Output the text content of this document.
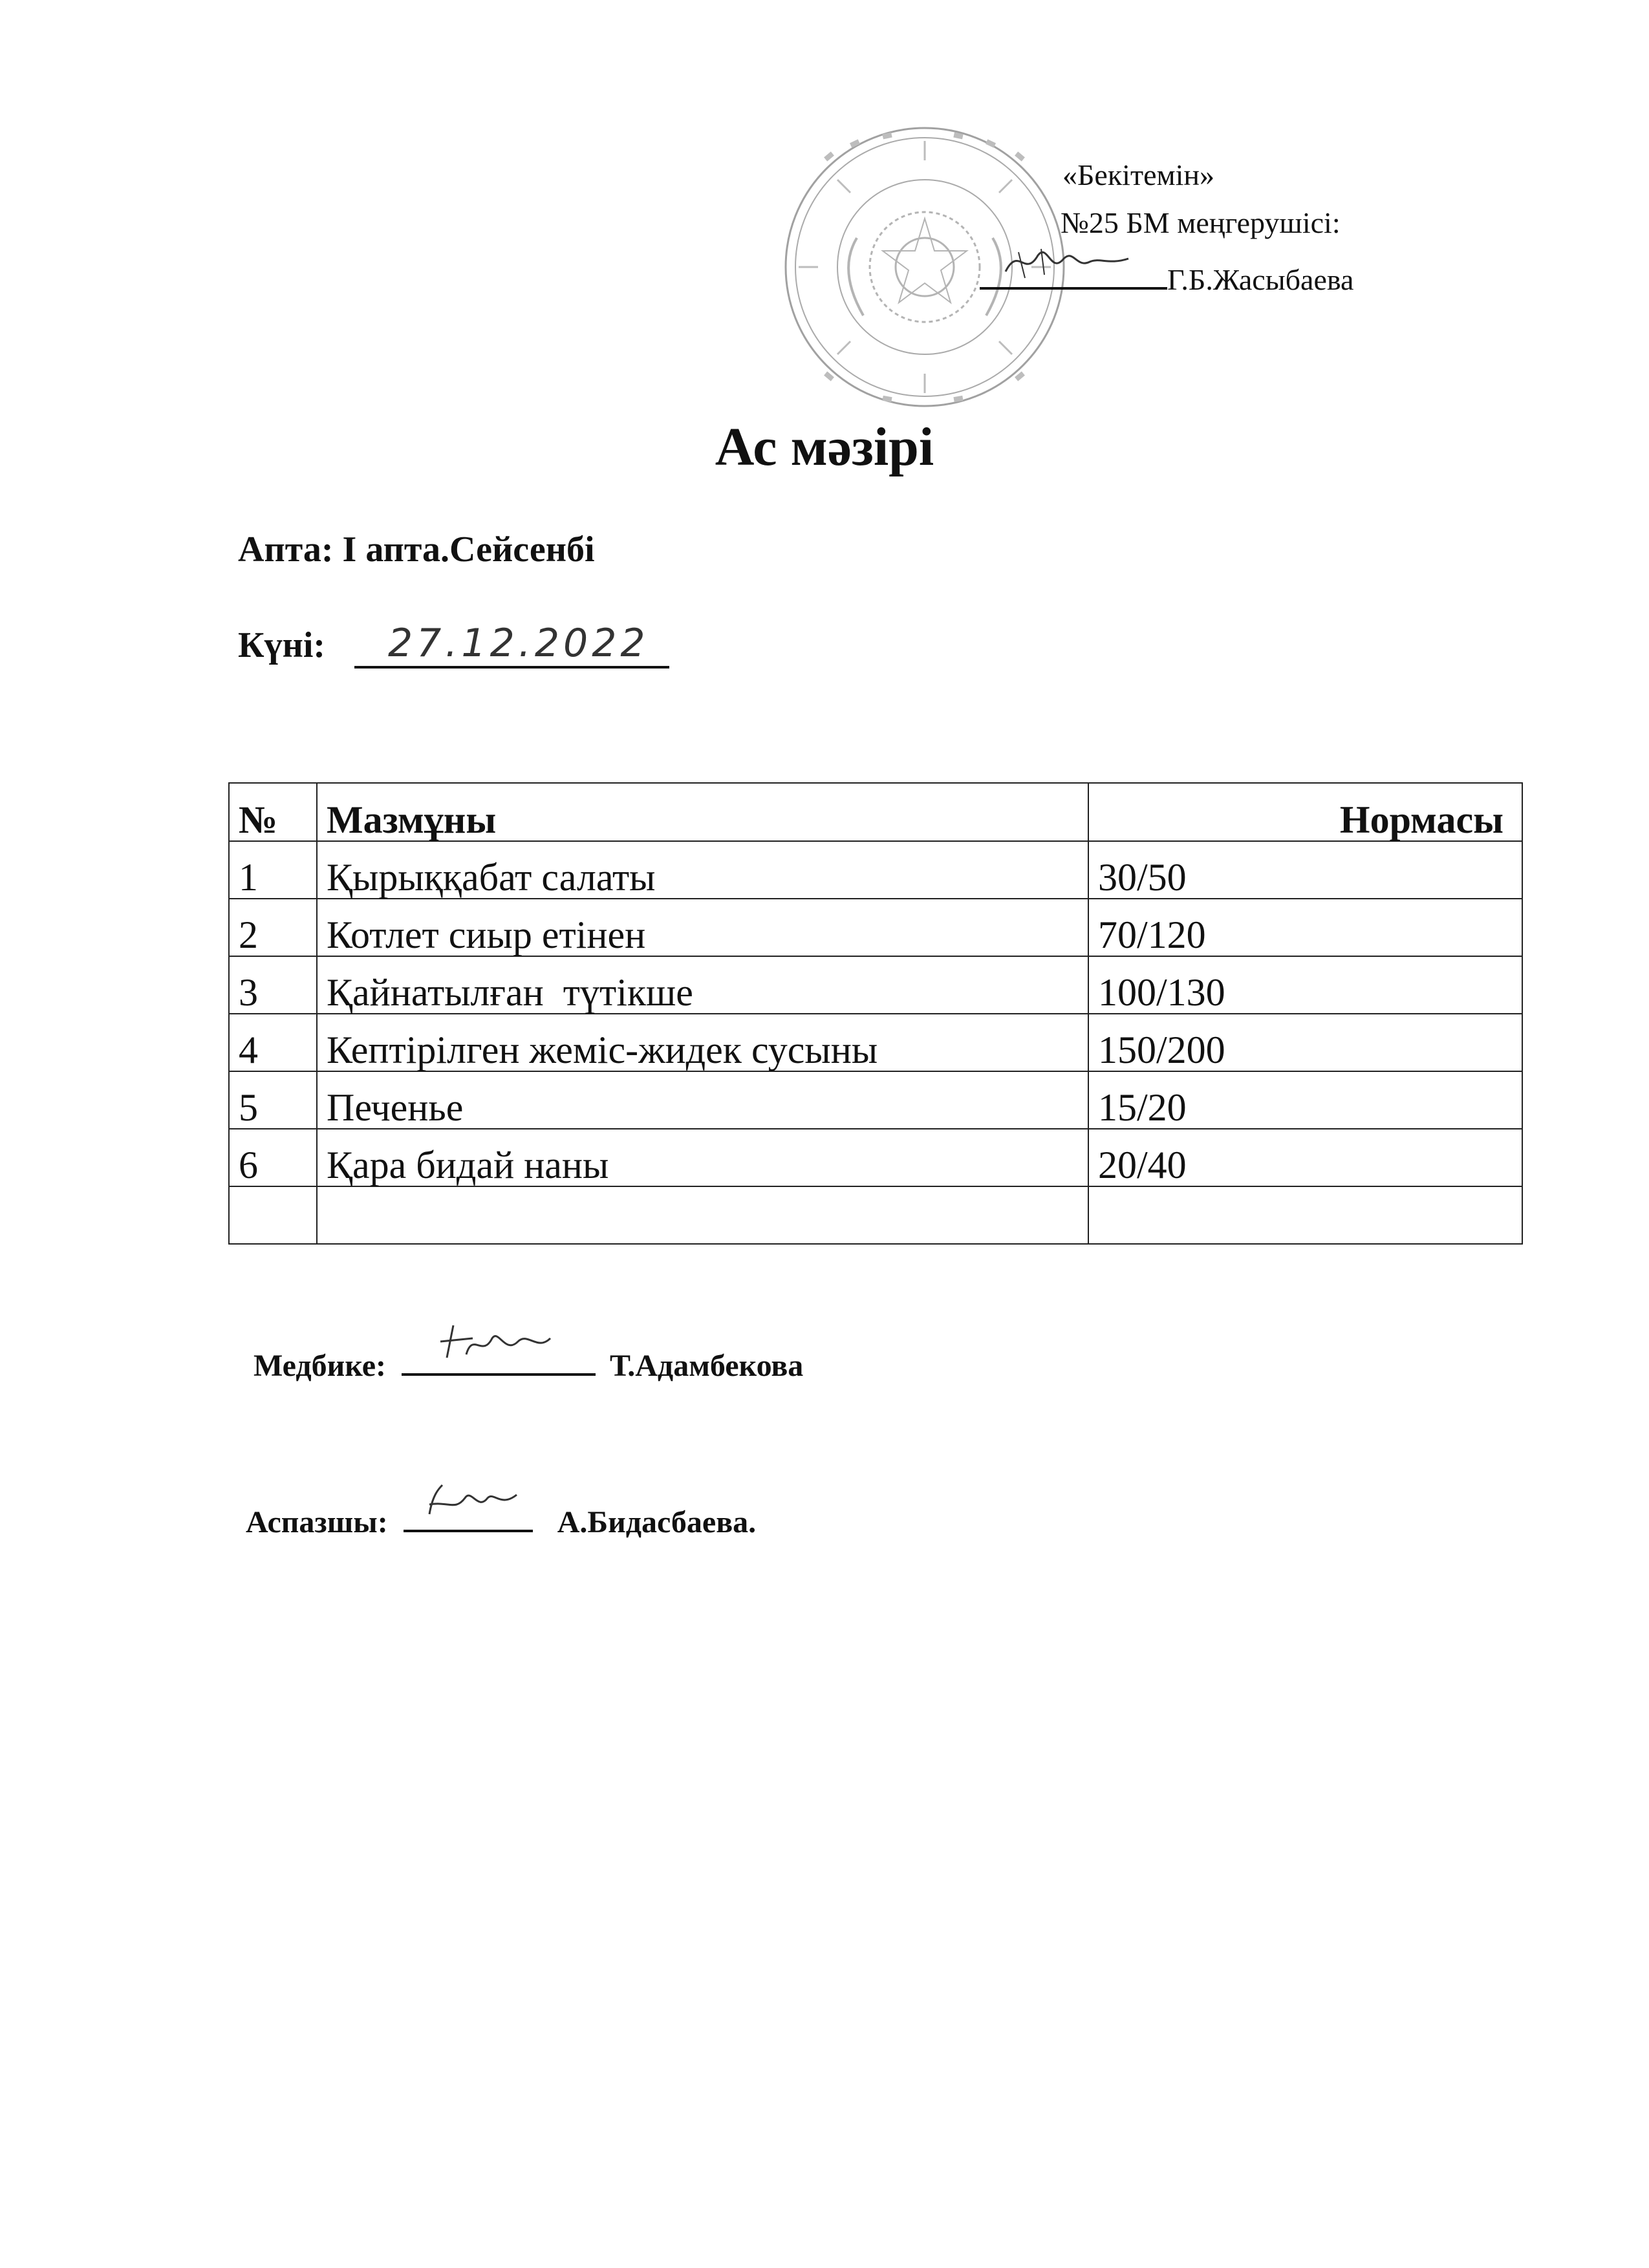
«Бекітемін»
№25 БМ меңгерушісі:
Г.Б.Жасыбаева
Ас мәзірі
Апта: І апта.Сейсенбі
Күні: 27.12.2022
№	Мазмұны	Нормасы
1	Қырыққабат салаты	30/50
2	Котлет сиыр етінен	70/120
3	Қайнатылған  түтікше	100/130
4	Кептірілген жеміс-жидек сусыны	150/200
5	Печенье	15/20
6	Қара бидай наны	20/40

Медбике:	Т.Адамбекова
Аспазшы:	А.Бидасбаева.
